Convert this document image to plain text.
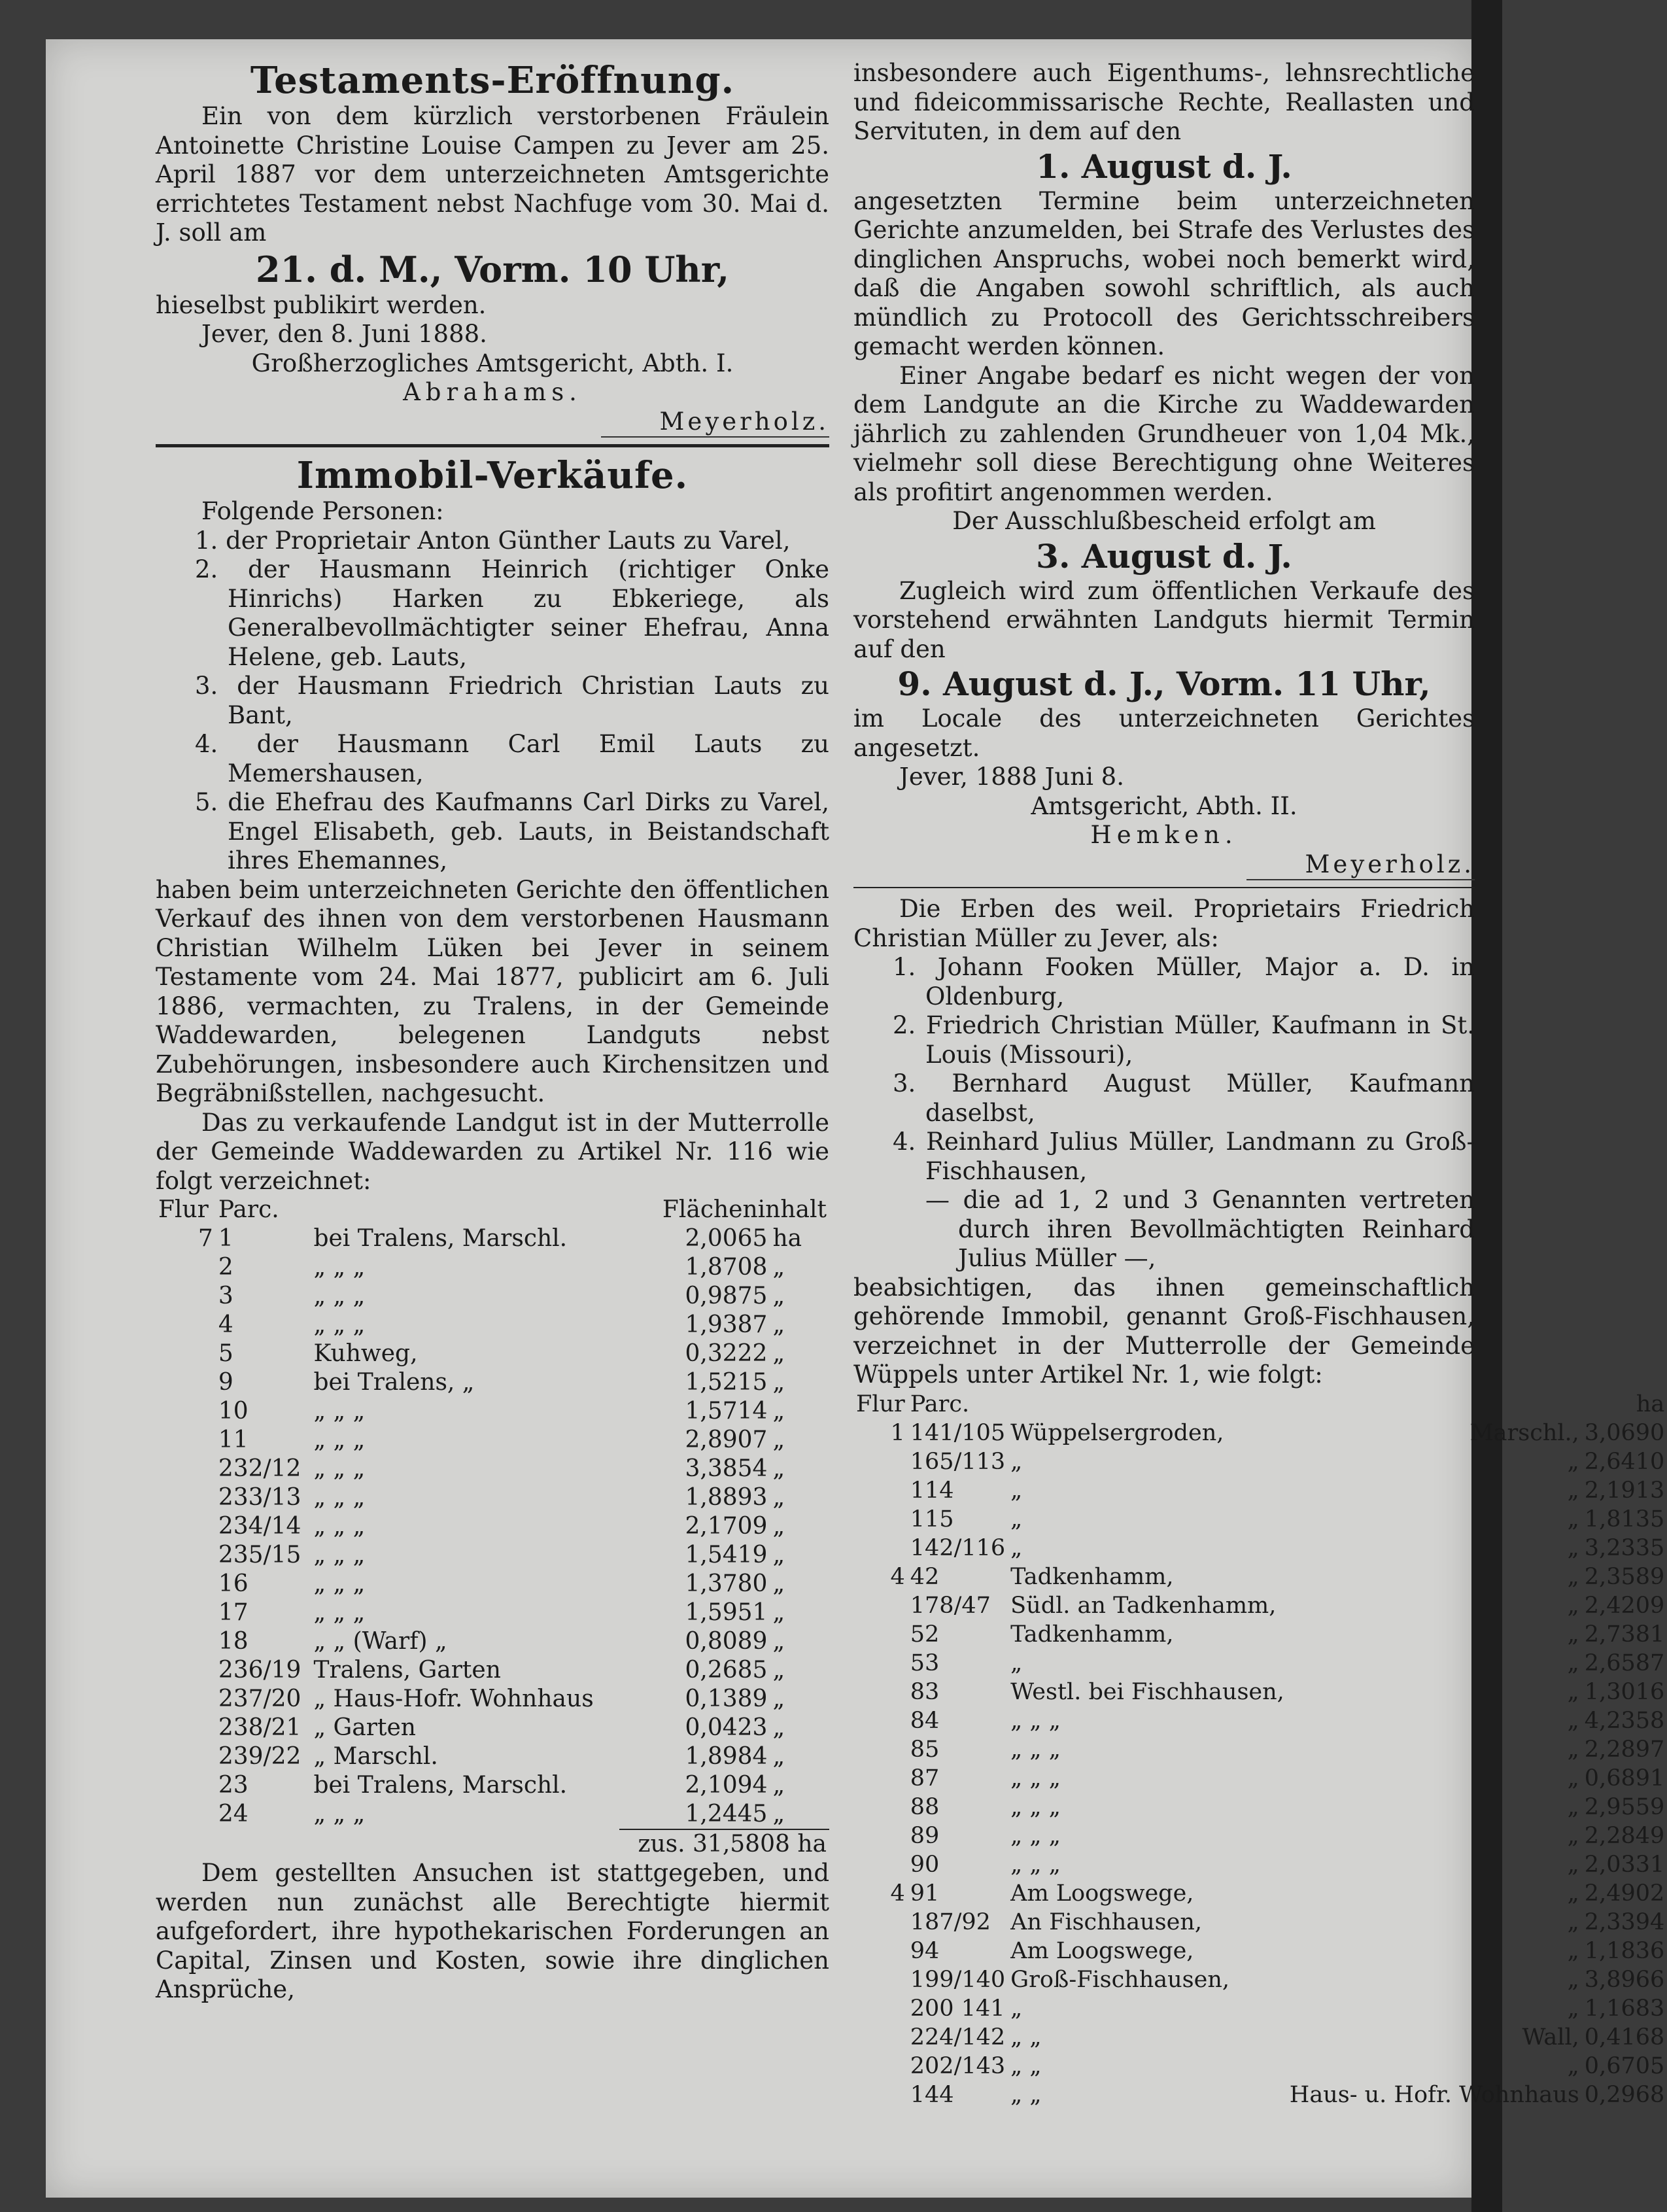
Testaments-Eröffnung.
Ein von dem kürzlich verstorbenen Fräulein Antoinette Christine Louise Campen zu Jever am 25. April 1887 vor dem unterzeichneten Amtsgerichte errichtetes Testament nebst Nachfuge vom 30. Mai d. J. soll am
21. d. M., Vorm. 10 Uhr,
hieselbst publikirt werden.
Jever, den 8. Juni 1888.
Großherzogliches Amtsgericht, Abth. I.
Abrahams.
Meyerholz.
Immobil-Verkäufe.
Folgende Personen:
1. der Proprietair Anton Günther Lauts zu Varel,
2. der Hausmann Heinrich (richtiger Onke Hinrichs) Harken zu Ebkeriege, als Generalbevollmächtigter seiner Ehefrau, Anna Helene, geb. Lauts,
3. der Hausmann Friedrich Christian Lauts zu Bant,
4. der Hausmann Carl Emil Lauts zu Memershausen,
5. die Ehefrau des Kaufmanns Carl Dirks zu Varel, Engel Elisabeth, geb. Lauts, in Beistandschaft ihres Ehemannes,
haben beim unterzeichneten Gerichte den öffentlichen Verkauf des ihnen von dem verstorbenen Hausmann Christian Wilhelm Lüken bei Jever in seinem Testamente vom 24. Mai 1877, publicirt am 6. Juli 1886, vermachten, zu Tralens, in der Gemeinde Waddewarden, belegenen Landguts nebst Zubehörungen, insbesondere auch Kirchensitzen und Begräbnißstellen, nachgesucht.
Das zu verkaufende Landgut ist in der Mutterrolle der Gemeinde Waddewarden zu Artikel Nr. 116 wie folgt verzeichnet:
Flur	Parc.		Flächeninhalt	
7	1	bei Tralens, Marschl.	2,0065	ha
	2	„ „ „	1,8708	„
	3	„ „ „	0,9875	„
	4	„ „ „	1,9387	„
	5	Kuhweg,	0,3222	„
	9	bei Tralens, „	1,5215	„
	10	„ „ „	1,5714	„
	11	„ „ „	2,8907	„
	232/12	„ „ „	3,3854	„
	233/13	„ „ „	1,8893	„
	234/14	„ „ „	2,1709	„
	235/15	„ „ „	1,5419	„
	16	„ „ „	1,3780	„
	17	„ „ „	1,5951	„
	18	„ „ (Warf) „	0,8089	„
	236/19	Tralens, Garten	0,2685	„
	237/20	„ Haus-Hofr. Wohnhaus	0,1389	„
	238/21	„ Garten	0,0423	„
	239/22	„ Marschl.	1,8984	„
	23	bei Tralens, Marschl.	2,1094	„
	24	„ „ „	1,2445	„
			zus. 31,5808 ha	
Dem gestellten Ansuchen ist stattgegeben, und werden nun zunächst alle Berechtigte hiermit aufgefordert, ihre hypothekarischen Forderungen an Capital, Zinsen und Kosten, sowie ihre dinglichen Ansprüche,
insbesondere auch Eigenthums-, lehnsrechtliche und fideicommissarische Rechte, Reallasten und Servituten, in dem auf den
1. August d. J.
angesetzten Termine beim unterzeichneten Gerichte anzumelden, bei Strafe des Verlustes des dinglichen Anspruchs, wobei noch bemerkt wird, daß die Angaben sowohl schriftlich, als auch mündlich zu Protocoll des Gerichtsschreibers gemacht werden können.
Einer Angabe bedarf es nicht wegen der von dem Landgute an die Kirche zu Waddewarden jährlich zu zahlenden Grundheuer von 1,04 Mk., vielmehr soll diese Berechtigung ohne Weiteres als profitirt angenommen werden.
Der Ausschlußbescheid erfolgt am
3. August d. J.
Zugleich wird zum öffentlichen Verkaufe des vorstehend erwähnten Landguts hiermit Termin auf den
9. August d. J., Vorm. 11 Uhr,
im Locale des unterzeichneten Gerichtes angesetzt.
Jever, 1888 Juni 8.
Amtsgericht, Abth. II.
Hemken.
Meyerholz.
Die Erben des weil. Proprietairs Friedrich Christian Müller zu Jever, als:
1. Johann Fooken Müller, Major a. D. in Oldenburg,
2. Friedrich Christian Müller, Kaufmann in St. Louis (Missouri),
3. Bernhard August Müller, Kaufmann daselbst,
4. Reinhard Julius Müller, Landmann zu Groß-Fischhausen,
— die ad 1, 2 und 3 Genannten vertreten durch ihren Bevollmächtigten Reinhard Julius Müller —,
beabsichtigen, das ihnen gemeinschaftlich gehörende Immobil, genannt Groß-Fischhausen, verzeichnet in der Mutterrolle der Gemeinde Wüppels unter Artikel Nr. 1, wie folgt:
Flur	Parc.			ha
1	141/105	Wüppelsergroden,	Marschl.,	3,0690
	165/113	„	„	2,6410
	114	„	„	2,1913
	115	„	„	1,8135
	142/116	„	„	3,2335
4	42	Tadkenhamm,	„	2,3589
	178/47	Südl. an Tadkenhamm,	„	2,4209
	52	Tadkenhamm,	„	2,7381
	53	„	„	2,6587
	83	Westl. bei Fischhausen,	„	1,3016
	84	„ „ „	„	4,2358
	85	„ „ „	„	2,2897
	87	„ „ „	„	0,6891
	88	„ „ „	„	2,9559
	89	„ „ „	„	2,2849
	90	„ „ „	„	2,0331
4	91	Am Loogswege,	„	2,4902
	187/92	An Fischhausen,	„	2,3394
	94	Am Loogswege,	„	1,1836
	199/140	Groß-Fischhausen,	„	3,8966
	200 141	„	„	1,1683
	224/142	„ „	Wall,	0,4168
	202/143	„ „	„	0,6705
	144	„ „	Haus- u. Hofr. Wohnhaus	0,2968
